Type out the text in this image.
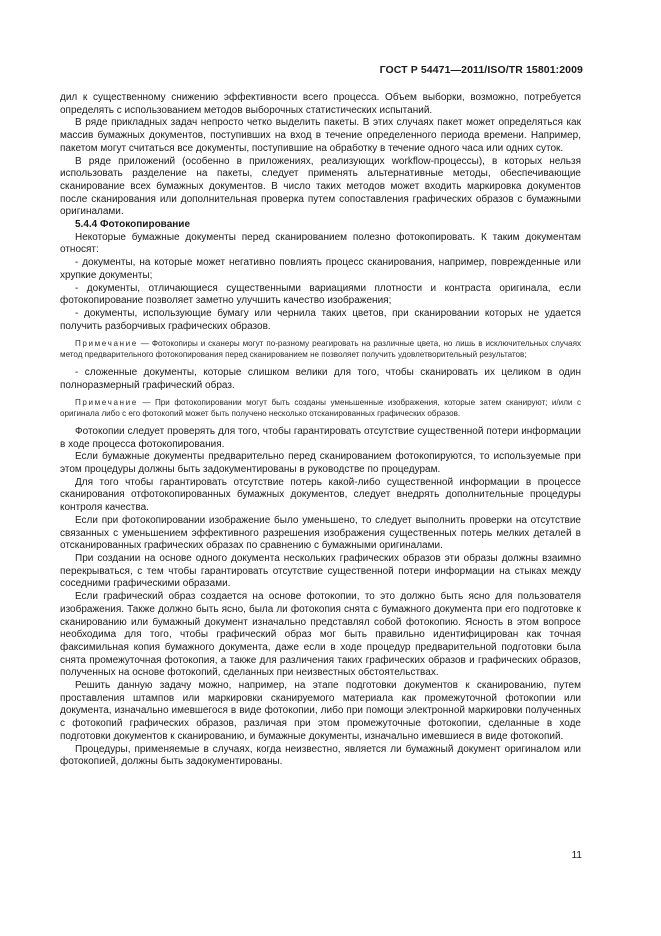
ГОСТ Р 54471—2011/ISO/TR 15801:2009

дил к существенному снижению эффективности всего процесса. Объем выборки, возможно, потребуется определять с использованием методов выборочных статистических испытаний.

В ряде прикладных задач непросто четко выделить пакеты. В этих случаях пакет может определяться как массив бумажных документов, поступивших на вход в течение определенного периода времени. Например, пакетом могут считаться все документы, поступившие на обработку в течение одного часа или одних суток.

В ряде приложений (особенно в приложениях, реализующих workflow-процессы), в которых нельзя использовать разделение на пакеты, следует применять альтернативные методы, обеспечивающие сканирование всех бумажных документов. В число таких методов может входить маркировка документов после сканирования или дополнительная проверка путем сопоставления графических образов с бумажными оригиналами.

5.4.4 Фотокопирование

Некоторые бумажные документы перед сканированием полезно фотокопировать. К таким документам относят:

- документы, на которые может негативно повлиять процесс сканирования, например, поврежденные или хрупкие документы;

- документы, отличающиеся существенными вариациями плотности и контраста оригинала, если фотокопирование позволяет заметно улучшить качество изображения;

- документы, использующие бумагу или чернила таких цветов, при сканировании которых не удается получить разборчивых графических образов.

Примечание — Фотокопиры и сканеры могут по-разному реагировать на различные цвета, но лишь в исключительных случаях метод предварительного фотокопирования перед сканированием не позволяет получить удовлетворительный результатов;

- сложенные документы, которые слишком велики для того, чтобы сканировать их целиком в один полноразмерный графический образ.

Примечание — При фотокопировании могут быть созданы уменьшенные изображения, которые затем сканируют; и/или с оригинала либо с его фотокопий может быть получено несколько отсканированных графических образов.

Фотокопии следует проверять для того, чтобы гарантировать отсутствие существенной потери информации в ходе процесса фотокопирования.

Если бумажные документы предварительно перед сканированием фотокопируются, то используемые при этом процедуры должны быть задокументированы в руководстве по процедурам.

Для того чтобы гарантировать отсутствие потерь какой-либо существенной информации в процессе сканирования отфотокопированных бумажных документов, следует внедрять дополнительные процедуры контроля качества.

Если при фотокопировании изображение было уменьшено, то следует выполнить проверки на отсутствие связанных с уменьшением эффективного разрешения изображения существенных потерь мелких деталей в отсканированных графических образах по сравнению с бумажными оригиналами.

При создании на основе одного документа нескольких графических образов эти образы должны взаимно перекрываться, с тем чтобы гарантировать отсутствие существенной потери информации на стыках между соседними графическими образами.

Если графический образ создается на основе фотокопии, то это должно быть ясно для пользователя изображения. Также должно быть ясно, была ли фотокопия снята с бумажного документа при его подготовке к сканированию или бумажный документ изначально представлял собой фотокопию. Ясность в этом вопросе необходима для того, чтобы графический образ мог быть правильно идентифицирован как точная факсимильная копия бумажного документа, даже если в ходе процедур предварительной подготовки была снята промежуточная фотокопия, а также для различения таких графических образов и графических образов, полученных на основе фотокопий, сделанных при неизвестных обстоятельствах.

Решить данную задачу можно, например, на этапе подготовки документов к сканированию, путем проставления штампов или маркировки сканируемого материала как промежуточной фотокопии или документа, изначально имевшегося в виде фотокопии, либо при помощи электронной маркировки полученных с фотокопий графических образов, различая при этом промежуточные фотокопии, сделанные в ходе подготовки документов к сканированию, и бумажные документы, изначально имевшиеся в виде фотокопий.

Процедуры, применяемые в случаях, когда неизвестно, является ли бумажный документ оригиналом или фотокопией, должны быть задокументированы.

11
